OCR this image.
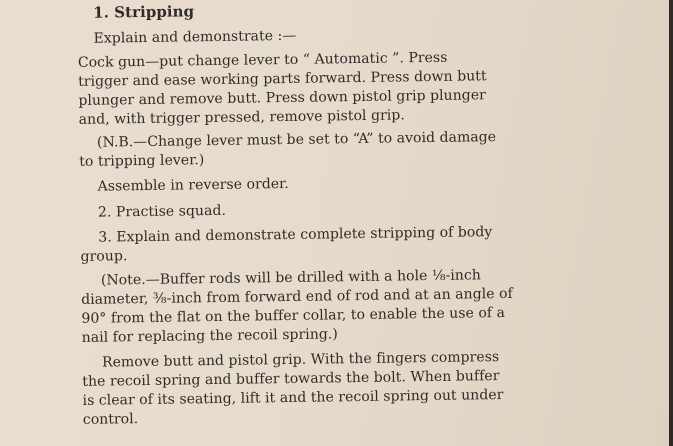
1. Stripping
Explain and demonstrate :—
Cock gun—put change lever to “ Automatic ”. Press
trigger and ease working parts forward. Press down butt
plunger and remove butt. Press down pistol grip plunger
and, with trigger pressed, remove pistol grip.
(N.B.—Change lever must be set to “A” to avoid damage
to tripping lever.)
Assemble in reverse order.
2. Practise squad.
3. Explain and demonstrate complete stripping of body
group.
(Note.—Buffer rods will be drilled with a hole ⅛-inch
diameter, ⅜-inch from forward end of rod and at an angle of
90° from the flat on the buffer collar, to enable the use of a
nail for replacing the recoil spring.)
Remove butt and pistol grip. With the fingers compress
the recoil spring and buffer towards the bolt. When buffer
is clear of its seating, lift it and the recoil spring out under
control.
